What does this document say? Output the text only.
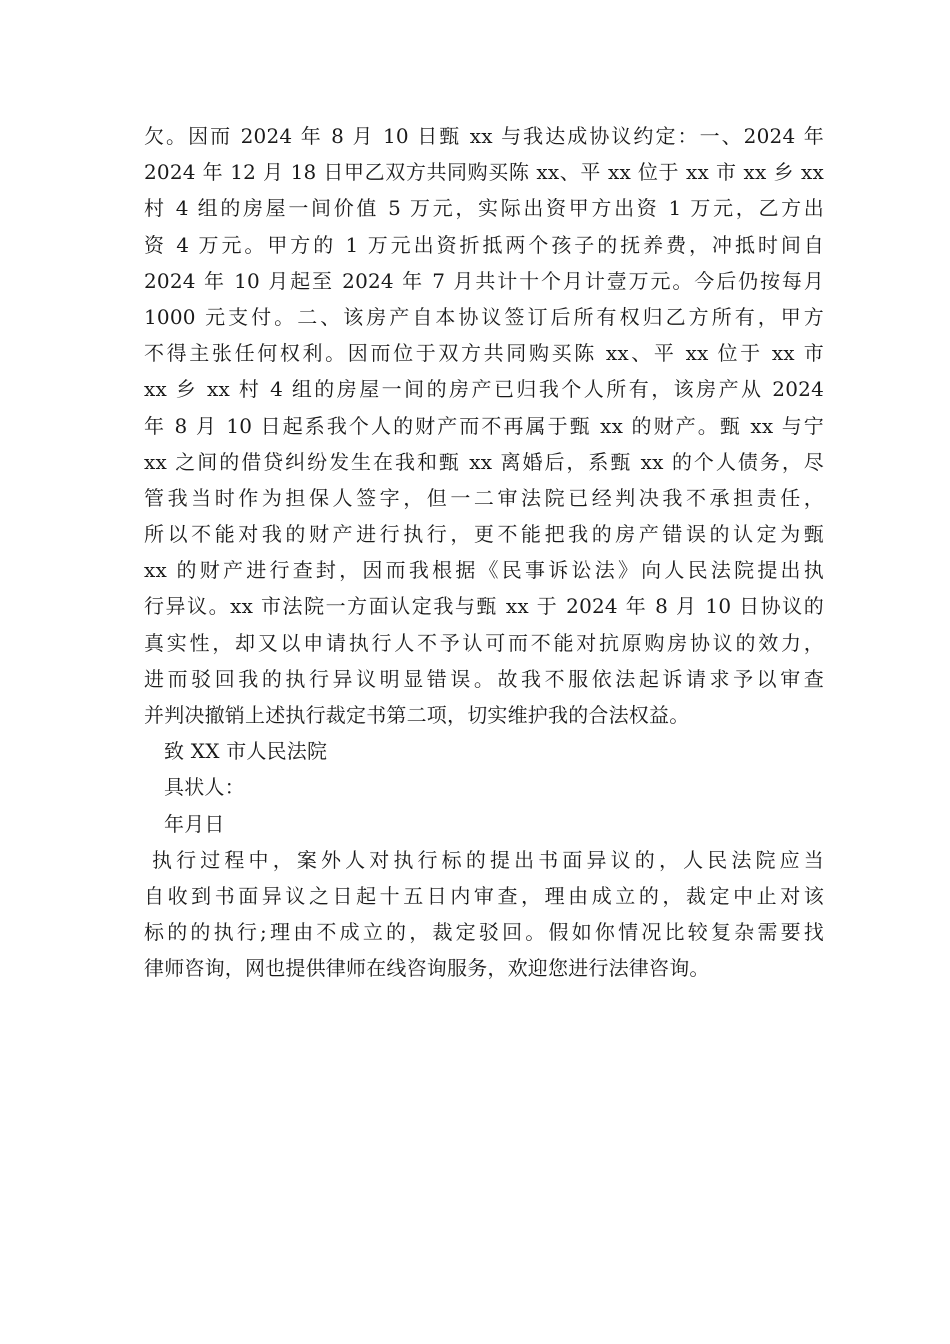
欠。因而 2024 年 8 月 10 日甄 xx 与我达成协议约定：一、2024 年
2024 年 12 月 18 日甲乙双方共同购买陈 xx、平 xx 位于 xx 市 xx 乡 xx
村 4 组的房屋一间价值 5 万元，实际出资甲方出资 1 万元，乙方出
资 4 万元。甲方的 1 万元出资折抵两个孩子的抚养费，冲抵时间自
2024 年 10 月起至 2024 年 7 月共计十个月计壹万元。今后仍按每月
1000 元支付。二、该房产自本协议签订后所有权归乙方所有，甲方
不得主张任何权利。因而位于双方共同购买陈 xx、平 xx 位于 xx 市
xx 乡 xx 村 4 组的房屋一间的房产已归我个人所有，该房产从 2024
年 8 月 10 日起系我个人的财产而不再属于甄 xx 的财产。甄 xx 与宁
xx 之间的借贷纠纷发生在我和甄 xx 离婚后，系甄 xx 的个人债务，尽
管我当时作为担保人签字，但一二审法院已经判决我不承担责任，
所以不能对我的财产进行执行，更不能把我的房产错误的认定为甄
xx 的财产进行查封，因而我根据《民事诉讼法》向人民法院提出执
行异议。xx 市法院一方面认定我与甄 xx 于 2024 年 8 月 10 日协议的
真实性，却又以申请执行人不予认可而不能对抗原购房协议的效力，
进而驳回我的执行异议明显错误。故我不服依法起诉请求予以审查
并判决撤销上述执行裁定书第二项，切实维护我的合法权益。
致 XX 市人民法院
具状人：
年月日
执行过程中，案外人对执行标的提出书面异议的，人民法院应当
自收到书面异议之日起十五日内审查，理由成立的，裁定中止对该
标的的执行;理由不成立的，裁定驳回。假如你情况比较复杂需要找
律师咨询，网也提供律师在线咨询服务，欢迎您进行法律咨询。
